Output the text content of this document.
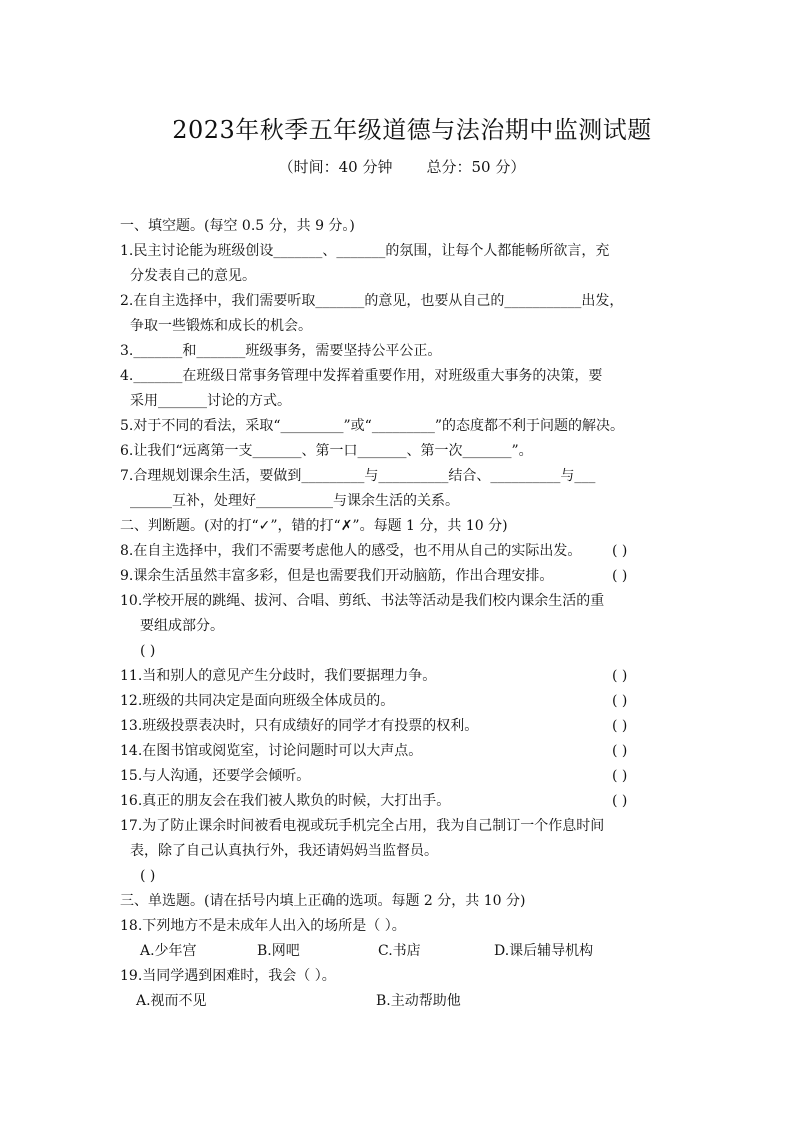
2023年秋季五年级道德与法治期中监测试题
（时间：40 分钟 总分：50 分）
一、填空题。(每空 0.5 分，共 9 分。)
1.民主讨论能为班级创设_______、_______的氛围，让每个人都能畅所欲言，充
分发表自己的意见。
2.在自主选择中，我们需要听取_______的意见，也要从自己的___________出发，
争取一些锻炼和成长的机会。
3._______和_______班级事务，需要坚持公平公正。
4._______在班级日常事务管理中发挥着重要作用，对班级重大事务的决策，要
采用_______讨论的方式。
5.对于不同的看法，采取“_________”或“_________”的态度都不利于问题的解决。
6.让我们“远离第一支_______、第一口_______、第一次_______”。
7.合理规划课余生活，要做到_________与__________结合、__________与___
______互补，处理好___________与课余生活的关系。
二、判断题。(对的打“✓”，错的打“✗”。每题 1 分，共 10 分)
8.在自主选择中，我们不需要考虑他人的感受，也不用从自己的实际出发。 ( )
9.课余生活虽然丰富多彩，但是也需要我们开动脑筋，作出合理安排。	( )
10.学校开展的跳绳、拔河、合唱、剪纸、书法等活动是我们校内课余生活的重
要组成部分。
( )
11.当和别人的意见产生分歧时，我们要据理力争。	( )
12.班级的共同决定是面向班级全体成员的。	( )
13.班级投票表决时，只有成绩好的同学才有投票的权利。	( )
14.在图书馆或阅览室，讨论问题时可以大声点。	( )
15.与人沟通，还要学会倾听。	( )
16.真正的朋友会在我们被人欺负的时候，大打出手。	( )
17.为了防止课余时间被看电视或玩手机完全占用，我为自己制订一个作息时间
表，除了自己认真执行外，我还请妈妈当监督员。
( )
三、单选题。(请在括号内填上正确的选项。每题 2 分，共 10 分)
18.下列地方不是未成年人出入的场所是（ ）。
A.少年宫	B.网吧	C.书店	D.课后辅导机构
19.当同学遇到困难时，我会（ ）。
A.视而不见	B.主动帮助他
